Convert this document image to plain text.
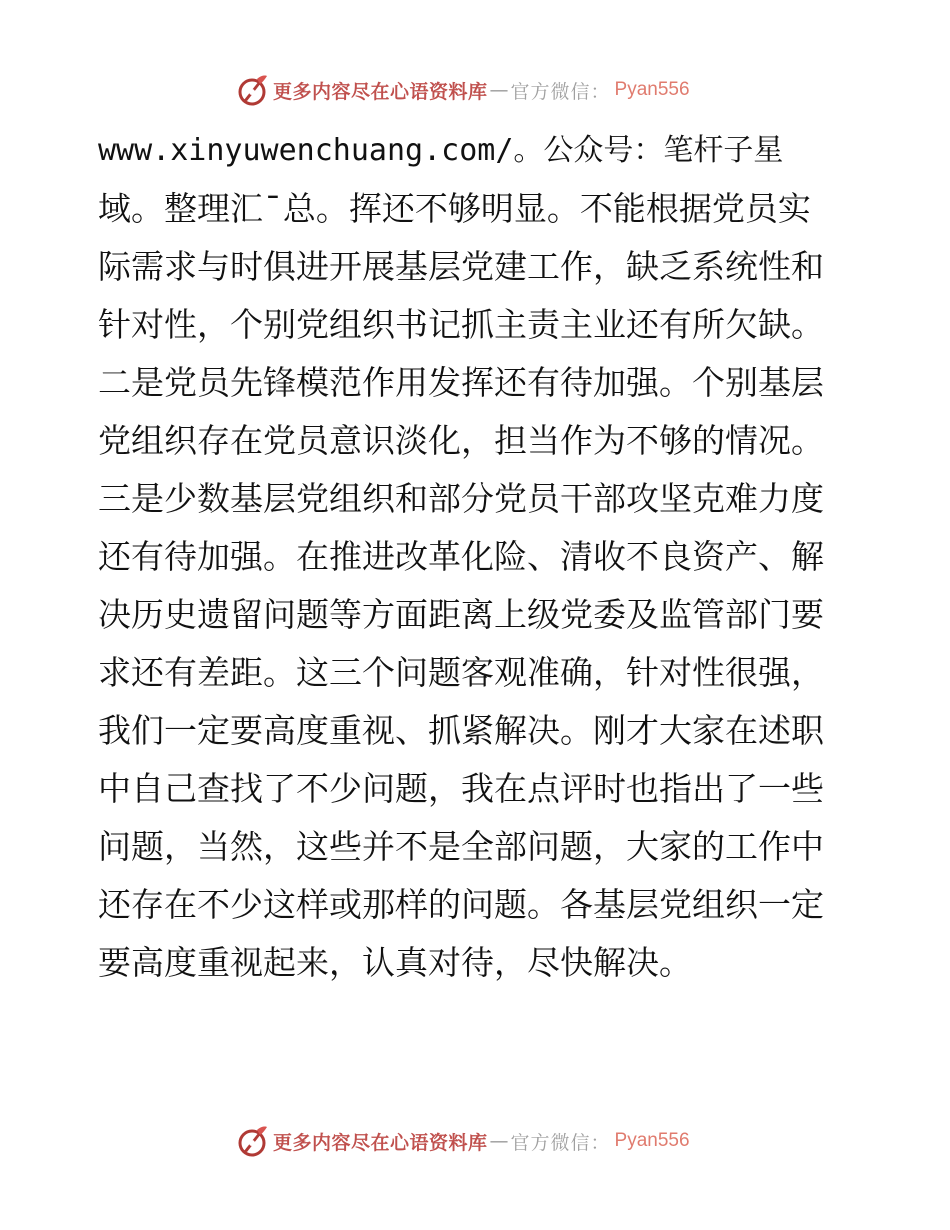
更多内容尽在心语资料库 — 官方微信： Pyan556
www.xinyuwenchuang.com/。公众号：笔杆子星
域。整理汇¯总。挥还不够明显。不能根据党员实
际需求与时俱进开展基层党建工作，缺乏系统性和
针对性，个别党组织书记抓主责主业还有所欠缺。
二是党员先锋模范作用发挥还有待加强。个别基层
党组织存在党员意识淡化，担当作为不够的情况。
三是少数基层党组织和部分党员干部攻坚克难力度
还有待加强。在推进改革化险、清收不良资产、解
决历史遗留问题等方面距离上级党委及监管部门要
求还有差距。这三个问题客观准确，针对性很强，
我们一定要高度重视、抓紧解决。刚才大家在述职
中自己查找了不少问题，我在点评时也指出了一些
问题，当然，这些并不是全部问题，大家的工作中
还存在不少这样或那样的问题。各基层党组织一定
要高度重视起来，认真对待，尽快解决。
更多内容尽在心语资料库 — 官方微信： Pyan556
